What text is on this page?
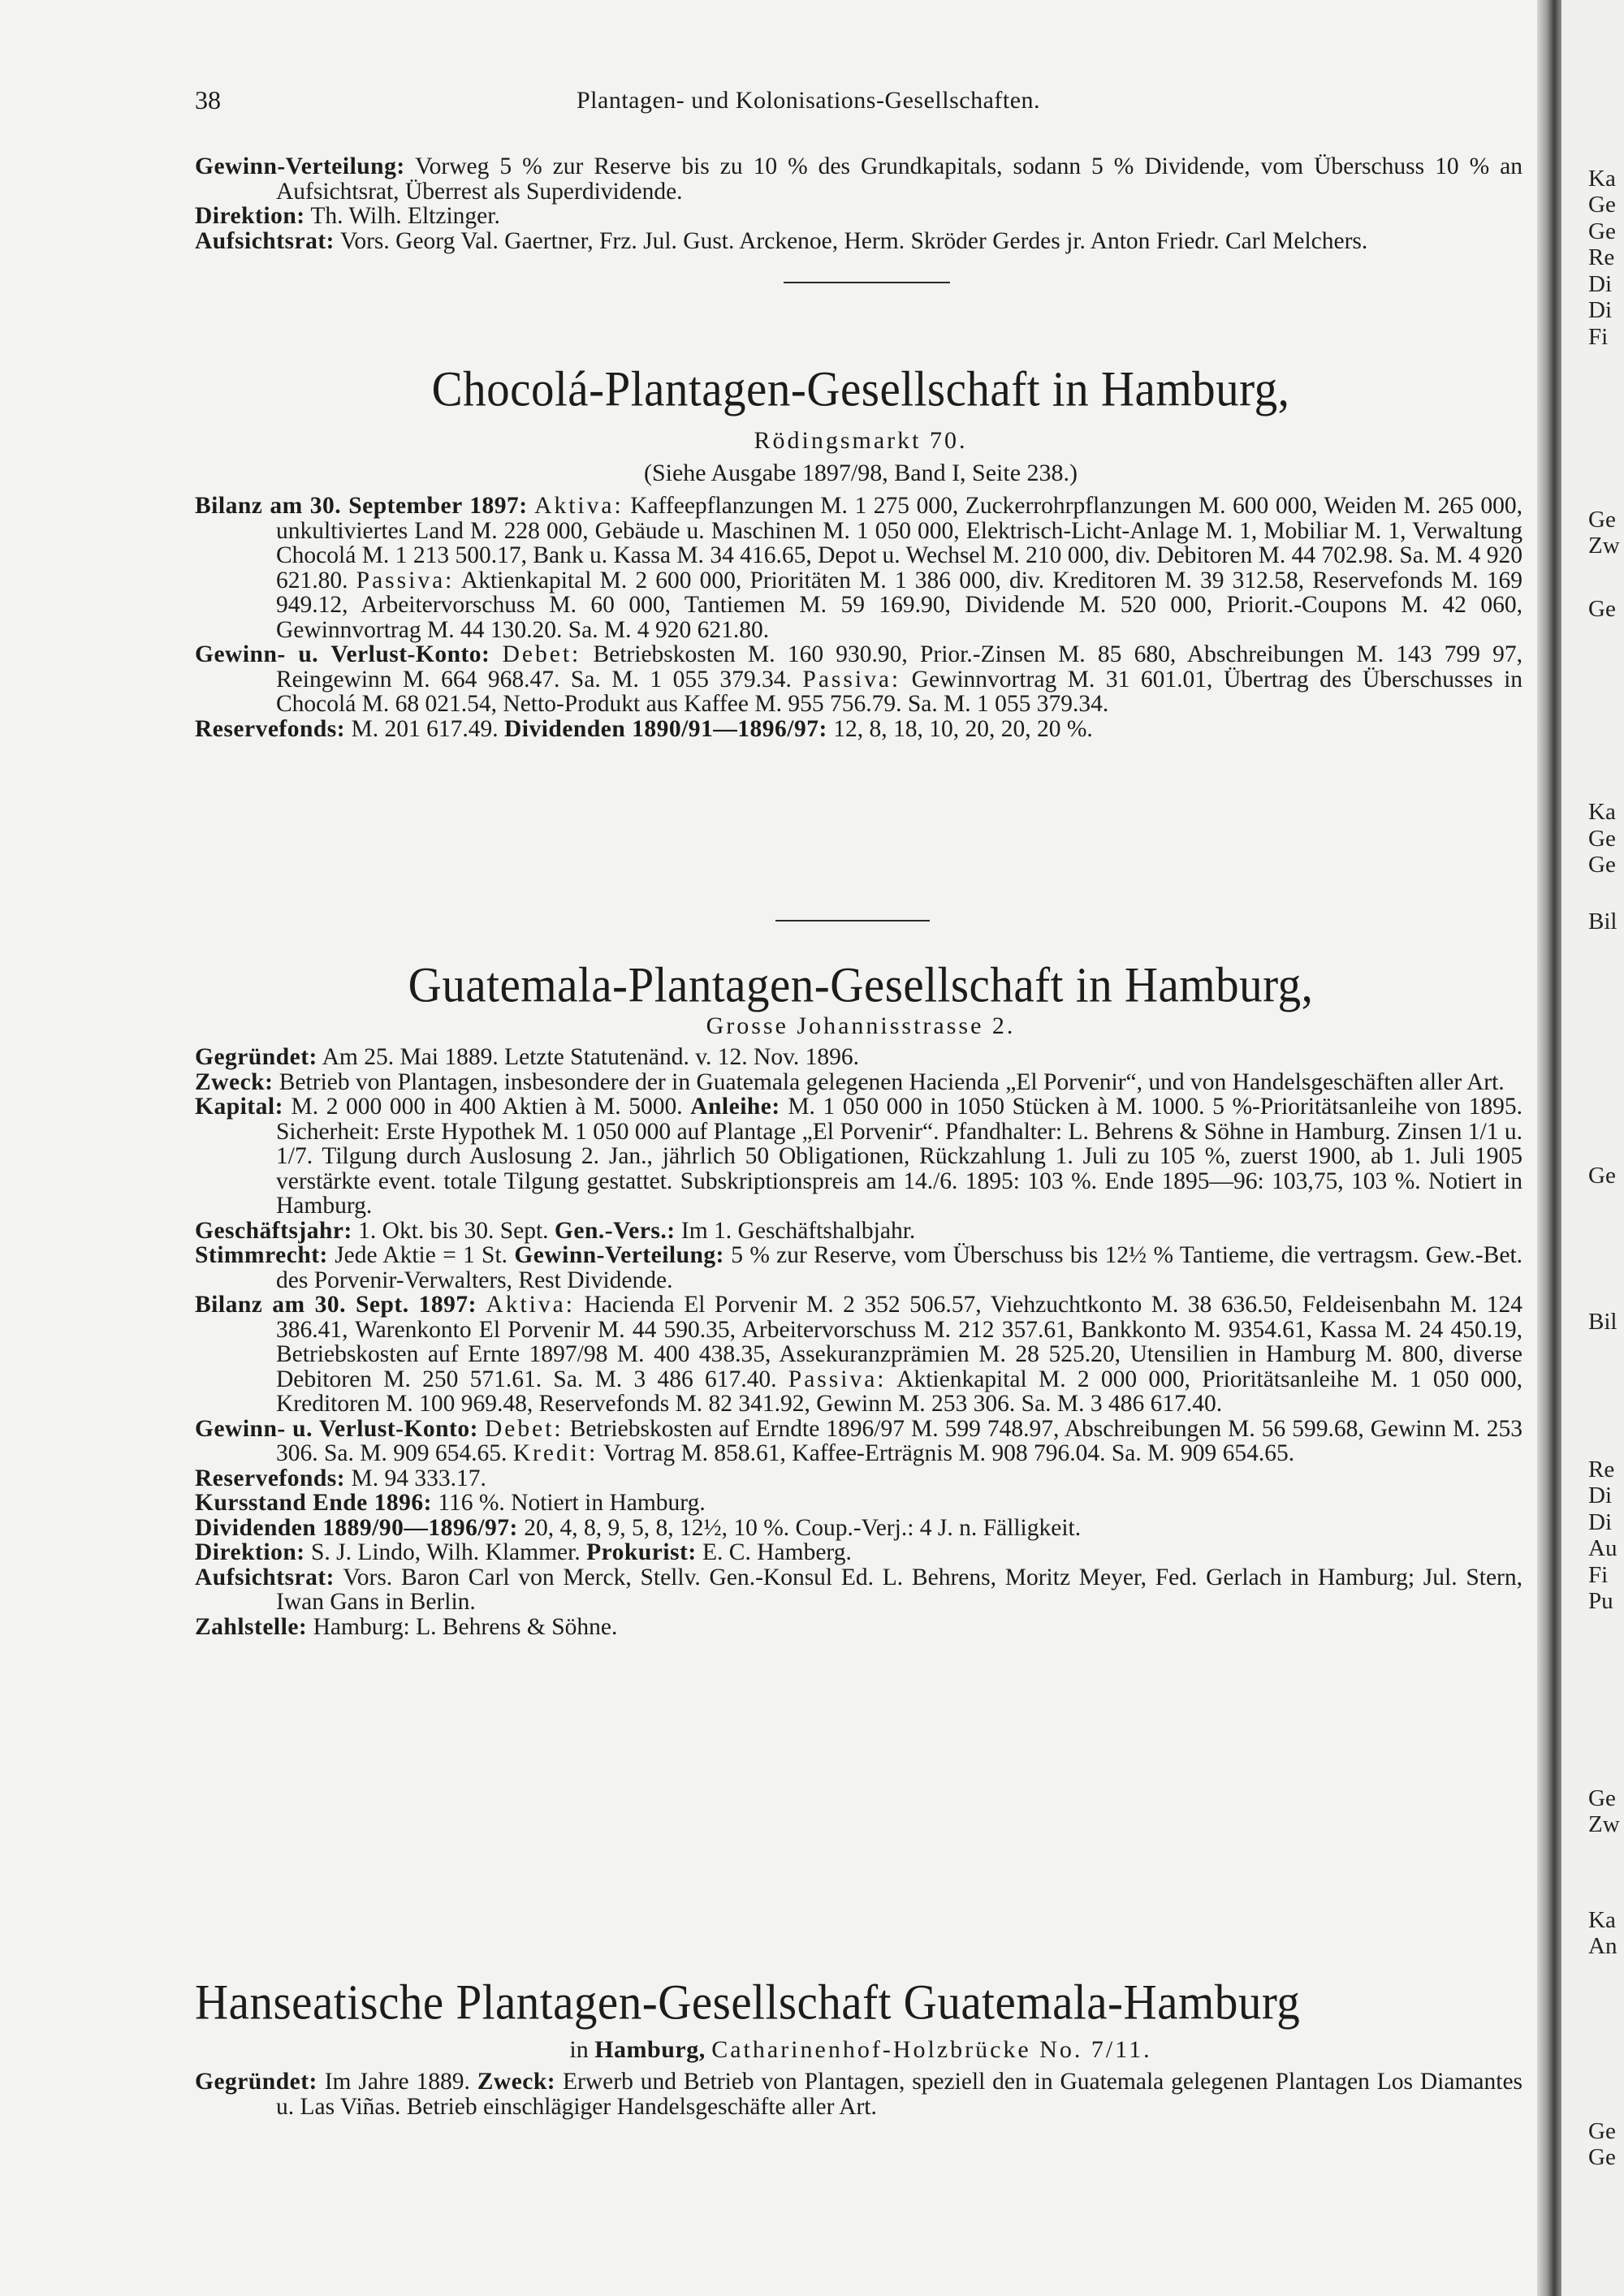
38	Plantagen- und Kolonisations-Gesellschaften.

Gewinn-Verteilung: Vorweg 5 % zur Reserve bis zu 10 % des Grundkapitals, sodann 5 % Dividende, vom Überschuss 10 % an Aufsichtsrat, Überrest als Superdividende.

Direktion: Th. Wilh. Eltzinger.

Aufsichtsrat: Vors. Georg Val. Gaertner, Frz. Jul. Gust. Arckenoe, Herm. Skröder Gerdes jr. Anton Friedr. Carl Melchers.

Chocolá-Plantagen-Gesellschaft in Hamburg,
Rödingsmarkt 70.
(Siehe Ausgabe 1897/98, Band I, Seite 238.)

Bilanz am 30. September 1897: Aktiva: Kaffeepflanzungen M. 1 275 000, Zuckerrohrpflanzungen M. 600 000, Weiden M. 265 000, unkultiviertes Land M. 228 000, Gebäude u. Maschinen M. 1 050 000, Elektrisch-Licht-Anlage M. 1, Mobiliar M. 1, Verwaltung Chocolá M. 1 213 500.17, Bank u. Kassa M. 34 416.65, Depot u. Wechsel M. 210 000, div. Debitoren M. 44 702.98. Sa. M. 4 920 621.80. Passiva: Aktienkapital M. 2 600 000, Prioritäten M. 1 386 000, div. Kreditoren M. 39 312.58, Reservefonds M. 169 949.12, Arbeitervorschuss M. 60 000, Tantiemen M. 59 169.90, Dividende M. 520 000, Priorit.-Coupons M. 42 060, Gewinnvortrag M. 44 130.20. Sa. M. 4 920 621.80.

Gewinn- u. Verlust-Konto: Debet: Betriebskosten M. 160 930.90, Prior.-Zinsen M. 85 680, Abschreibungen M. 143 799 97, Reingewinn M. 664 968.47. Sa. M. 1 055 379.34. Passiva: Gewinnvortrag M. 31 601.01, Übertrag des Überschusses in Chocolá M. 68 021.54, Netto-Produkt aus Kaffee M. 955 756.79. Sa. M. 1 055 379.34.

Reservefonds: M. 201 617.49. Dividenden 1890/91—1896/97: 12, 8, 18, 10, 20, 20, 20 %.

Guatemala-Plantagen-Gesellschaft in Hamburg,
Grosse Johannisstrasse 2.

Gegründet: Am 25. Mai 1889. Letzte Statutenänd. v. 12. Nov. 1896.

Zweck: Betrieb von Plantagen, insbesondere der in Guatemala gelegenen Hacienda „El Porvenir“, und von Handelsgeschäften aller Art.

Kapital: M. 2 000 000 in 400 Aktien à M. 5000. Anleihe: M. 1 050 000 in 1050 Stücken à M. 1000. 5 %-Prioritätsanleihe von 1895. Sicherheit: Erste Hypothek M. 1 050 000 auf Plantage „El Porvenir“. Pfandhalter: L. Behrens & Söhne in Hamburg. Zinsen 1/1 u. 1/7. Tilgung durch Auslosung 2. Jan., jährlich 50 Obligationen, Rückzahlung 1. Juli zu 105 %, zuerst 1900, ab 1. Juli 1905 verstärkte event. totale Tilgung gestattet. Subskriptionspreis am 14./6. 1895: 103 %. Ende 1895—96: 103,75, 103 %. Notiert in Hamburg.

Geschäftsjahr: 1. Okt. bis 30. Sept. Gen.-Vers.: Im 1. Geschäftshalbjahr.

Stimmrecht: Jede Aktie = 1 St. Gewinn-Verteilung: 5 % zur Reserve, vom Überschuss bis 12½ % Tantieme, die vertragsm. Gew.-Bet. des Porvenir-Verwalters, Rest Dividende.

Bilanz am 30. Sept. 1897: Aktiva: Hacienda El Porvenir M. 2 352 506.57, Viehzuchtkonto M. 38 636.50, Feldeisenbahn M. 124 386.41, Warenkonto El Porvenir M. 44 590.35, Arbeitervorschuss M. 212 357.61, Bankkonto M. 9354.61, Kassa M. 24 450.19, Betriebskosten auf Ernte 1897/98 M. 400 438.35, Assekuranzprämien M. 28 525.20, Utensilien in Hamburg M. 800, diverse Debitoren M. 250 571.61. Sa. M. 3 486 617.40. Passiva: Aktienkapital M. 2 000 000, Prioritätsanleihe M. 1 050 000, Kreditoren M. 100 969.48, Reservefonds M. 82 341.92, Gewinn M. 253 306. Sa. M. 3 486 617.40.

Gewinn- u. Verlust-Konto: Debet: Betriebskosten auf Erndte 1896/97 M. 599 748.97, Abschreibungen M. 56 599.68, Gewinn M. 253 306. Sa. M. 909 654.65. Kredit: Vortrag M. 858.61, Kaffee-Erträgnis M. 908 796.04. Sa. M. 909 654.65.

Reservefonds: M. 94 333.17.

Kursstand Ende 1896: 116 %. Notiert in Hamburg.

Dividenden 1889/90—1896/97: 20, 4, 8, 9, 5, 8, 12½, 10 %. Coup.-Verj.: 4 J. n. Fälligkeit.

Direktion: S. J. Lindo, Wilh. Klammer. Prokurist: E. C. Hamberg.

Aufsichtsrat: Vors. Baron Carl von Merck, Stellv. Gen.-Konsul Ed. L. Behrens, Moritz Meyer, Fed. Gerlach in Hamburg; Jul. Stern, Iwan Gans in Berlin.

Zahlstelle: Hamburg: L. Behrens & Söhne.

Hanseatische Plantagen-Gesellschaft Guatemala-Hamburg
in Hamburg, Catharinenhof-Holzbrücke No. 7/11.

Gegründet: Im Jahre 1889. Zweck: Erwerb und Betrieb von Plantagen, speziell den in Guatemala gelegenen Plantagen Los Diamantes u. Las Viñas. Betrieb einschlägiger Handelsgeschäfte aller Art.

Ka
Ge
Ge
Re
Di
Di
Fi
Ge
Zw
Ge
Ka
Ge
Ge
Bil
Ge
Bil
Re
Di
Di
Au
Fi
Pu
Ge
Zw
Ka
An
Ge
Ge
